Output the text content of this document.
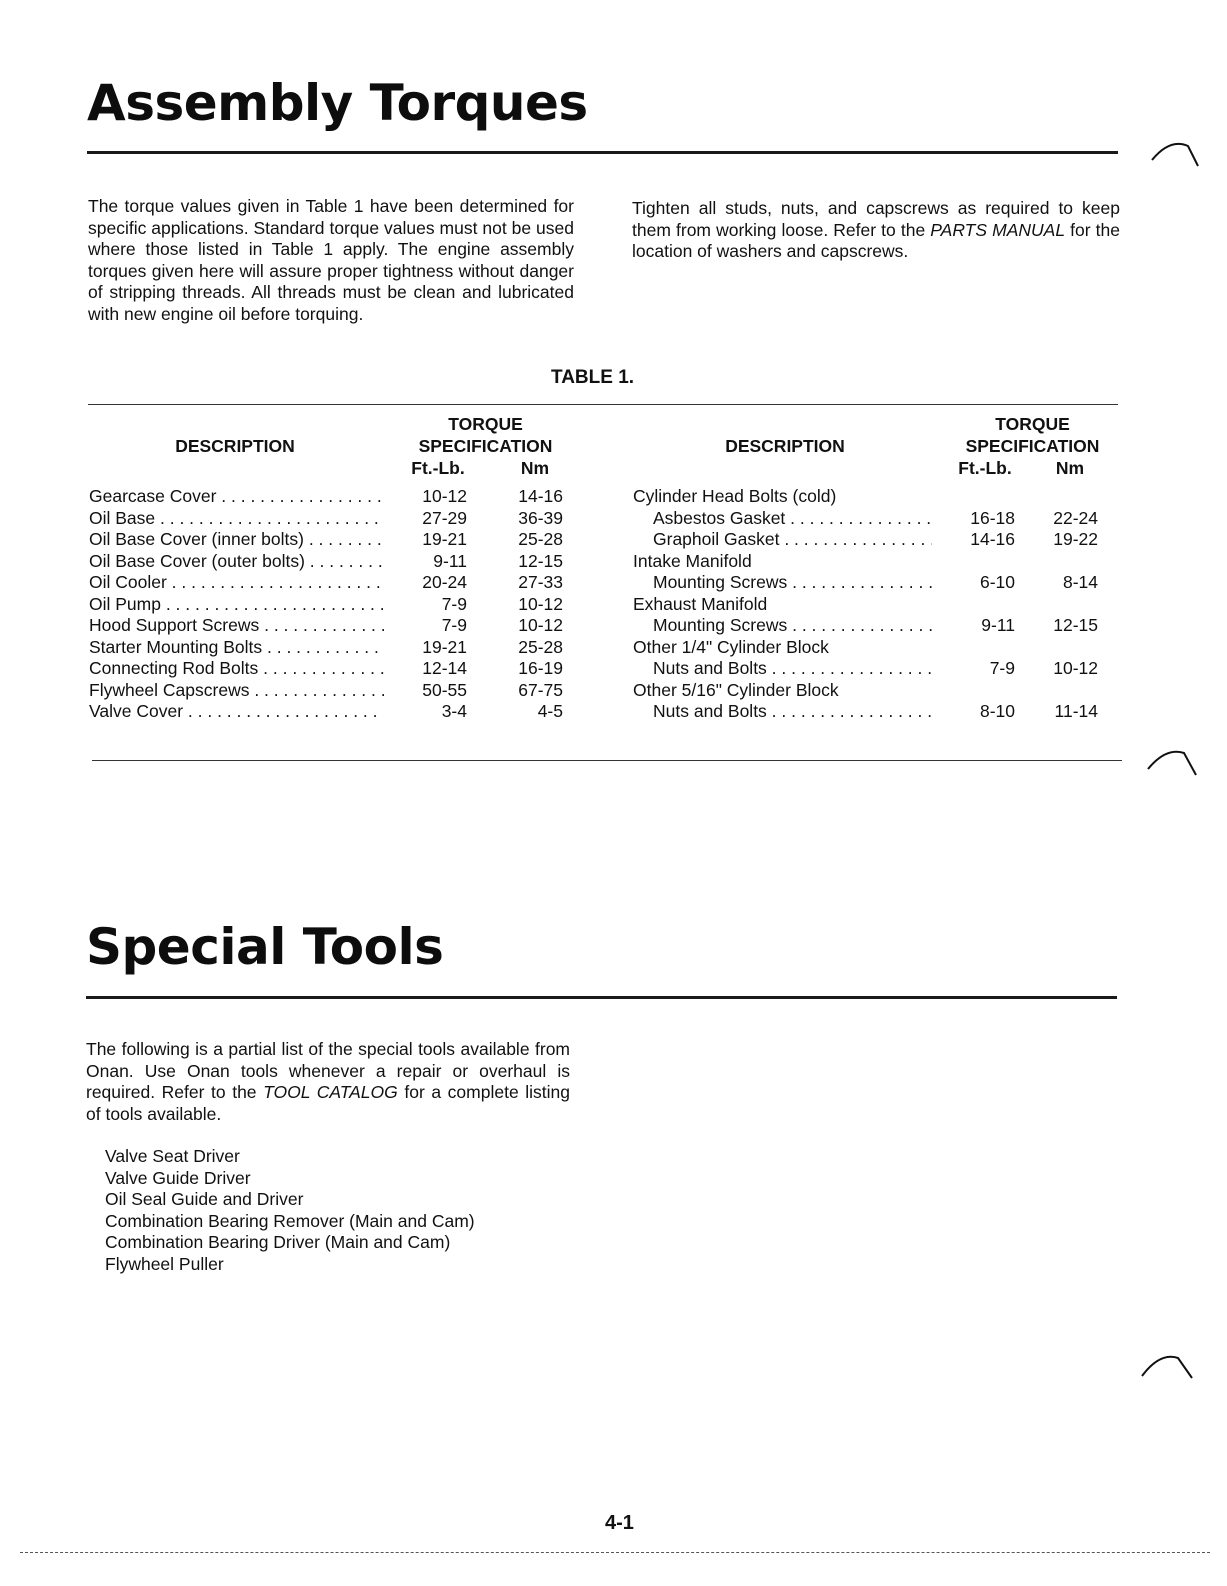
Assembly Torques

The torque values given in Table 1 have been determined for specific applications. Standard torque values must not be used where those listed in Table 1 apply. The engine assembly torques given here will assure proper tightness without danger of stripping threads. All threads must be clean and lubricated with new engine oil before torquing.

Tighten all studs, nuts, and capscrews as required to keep them from working loose. Refer to the PARTS MANUAL for the location of washers and capscrews.

TABLE 1.
DESCRIPTION
TORQUE
SPECIFICATION
Ft.-Lb.	Nm
DESCRIPTION
TORQUE
SPECIFICATION
Ft.-Lb.	Nm
Gearcase Cover . . .	10-12	14-16
Oil Base . . .	27-29	36-39
Oil Base Cover (inner bolts) . . .	19-21	25-28
Oil Base Cover (outer bolts) . . .	9-11	12-15
Oil Cooler . . .	20-24	27-33
Oil Pump . . .	7-9	10-12
Hood Support Screws . . .	7-9	10-12
Starter Mounting Bolts . . .	19-21	25-28
Connecting Rod Bolts . . .	12-14	16-19
Flywheel Capscrews . . .	50-55	67-75
Valve Cover . . .	3-4	4-5
Cylinder Head Bolts (cold)
Asbestos Gasket . . .	16-18 22-24
Graphoil Gasket . . .	14-16 19-22
Intake Manifold
Mounting Screws . . .	6-10	8-14
Exhaust Manifold
Mounting Screws . . .	9-11 12-15
Other 1/4" Cylinder Block
Nuts and Bolts . . .	7-9 10-12
Other 5/16" Cylinder Block
Nuts and Bolts . . .	8-10 11-14
Special Tools

The following is a partial list of the special tools available from Onan. Use Onan tools whenever a repair or overhaul is required. Refer to the TOOL CATALOG for a complete listing of tools available.

Valve Seat Driver
Valve Guide Driver
Oil Seal Guide and Driver
Combination Bearing Remover (Main and Cam)
Combination Bearing Driver (Main and Cam)
Flywheel Puller
4-1
